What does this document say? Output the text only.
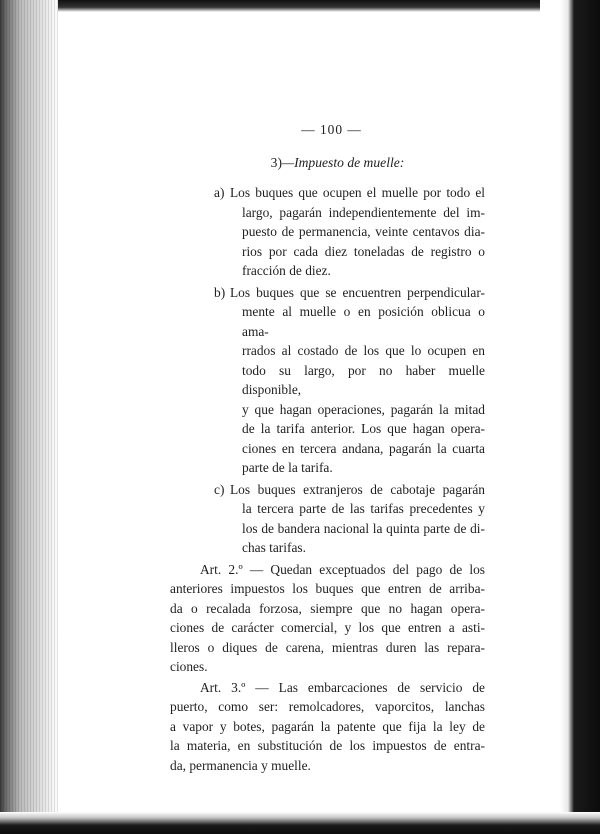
— 100 —
3)—Impuesto de muelle:
a) Los buques que ocupen el muelle por todo el
largo, pagarán independientemente del im-
puesto de permanencia, veinte centavos dia-
rios por cada diez toneladas de registro o
fracción de diez.
b) Los buques que se encuentren perpendicular-
mente al muelle o en posición oblicua o ama-
rrados al costado de los que lo ocupen en
todo su largo, por no haber muelle disponible,
y que hagan operaciones, pagarán la mitad
de la tarifa anterior. Los que hagan opera-
ciones en tercera andana, pagarán la cuarta
parte de la tarifa.
c) Los buques extranjeros de cabotaje pagarán
la tercera parte de las tarifas precedentes y
los de bandera nacional la quinta parte de di-
chas tarifas.
Art. 2.º — Quedan exceptuados del pago de los
anteriores impuestos los buques que entren de arriba-
da o recalada forzosa, siempre que no hagan opera-
ciones de carácter comercial, y los que entren a asti-
lleros o diques de carena, mientras duren las repara-
ciones.
Art. 3.º — Las embarcaciones de servicio de
puerto, como ser: remolcadores, vaporcitos, lanchas
a vapor y botes, pagarán la patente que fija la ley de
la materia, en substitución de los impuestos de entra-
da, permanencia y muelle.
